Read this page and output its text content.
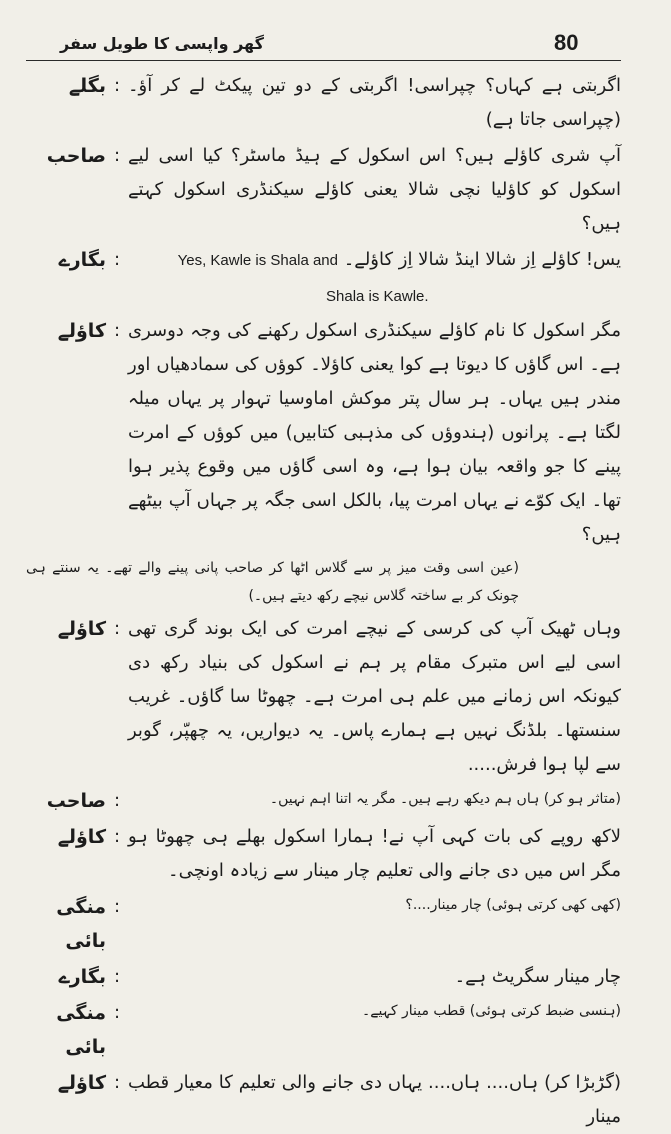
80
گھر واپسی کا طویل سفر
بگلے : اگربتی ہے کہاں؟ چپراسی! اگربتی کے دو تین پیکٹ لے کر آؤ۔ (چپراسی جاتا ہے)
صاحب : آپ شری کاؤلے ہیں؟ اس اسکول کے ہیڈ ماسٹر؟ کیا اسی لیے اسکول کو کاؤلیا نچی شالا یعنی کاؤلے سیکنڈری اسکول کہتے ہیں؟
بگارے :	یس! کاؤلے اِز شالا اینڈ شالا اِز کاؤلے۔ Yes, Kawle is Shala and
Shala is Kawle.
کاؤلے : مگر اسکول کا نام کاؤلے سیکنڈری اسکول رکھنے کی وجہ دوسری ہے۔ اس گاؤں کا دیوتا ہے کوا یعنی کاؤلا۔ کوؤں کی سمادھیاں اور مندر ہیں یہاں۔ ہر سال پتر موکش اماوسیا تہوار پر یہاں میلہ لگتا ہے۔ پرانوں (ہندوؤں کی مذہبی کتابیں) میں کوؤں کے امرت پینے کا جو واقعہ بیان ہوا ہے، وہ اسی گاؤں میں وقوع پذیر ہوا تھا۔ ایک کوّے نے یہاں امرت پیا، بالکل اسی جگہ پر جہاں آپ بیٹھے ہیں؟
(عین اسی وقت میز پر سے گلاس اٹھا کر صاحب پانی پینے والے تھے۔ یہ سنتے ہی چونک کر بے ساختہ گلاس نیچے رکھ دیتے ہیں۔)
کاؤلے : وہاں ٹھیک آپ کی کرسی کے نیچے امرت کی ایک بوند گری تھی اسی لیے اس متبرک مقام پر ہم نے اسکول کی بنیاد رکھ دی کیونکہ اس زمانے میں علم ہی امرت ہے۔ چھوٹا سا گاؤں۔ غریب سنستھا۔ بلڈنگ نہیں ہے ہمارے پاس۔ یہ دیواریں، یہ چھپّر، گوبر سے لپا ہوا فرش.....
صاحب :	(متاثر ہو کر) ہاں ہم دیکھ رہے ہیں۔ مگر یہ اتنا اہم نہیں۔
کاؤلے : لاکھ روپے کی بات کہی آپ نے! ہمارا اسکول بھلے ہی چھوٹا ہو مگر اس میں دی جانے والی تعلیم چار مینار سے زیادہ اونچی۔
منگی بائی
:	(کھی کھی کرتی ہوئی) چار مینار....؟
بگارے :	چار مینار سگریٹ ہے۔
منگی بائی
:	(ہنسی ضبط کرتی ہوئی) قطب مینار کہیے۔
کاؤلے : (گڑبڑا کر) ہاں.... ہاں.... یہاں دی جانے والی تعلیم کا معیار قطب مینار
